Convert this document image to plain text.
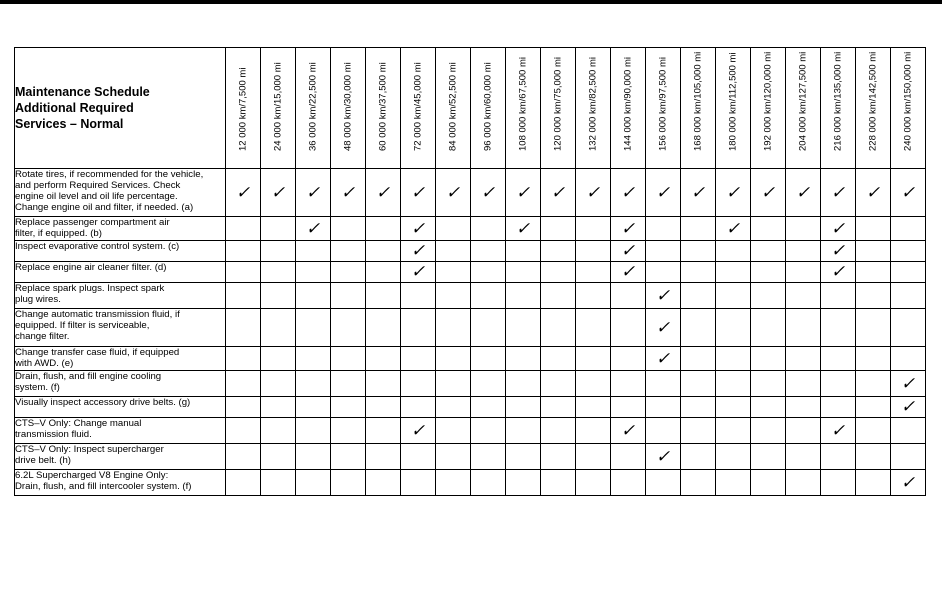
Maintenance Schedule
Additional Required
Services – Normal	12 000 km/7,500 mi	24 000 km/15,000 mi	36 000 km/22,500 mi	48 000 km/30,000 mi	60 000 km/37,500 mi	72 000 km/45,000 mi	84 000 km/52,500 mi	96 000 km/60,000 mi	108 000 km/67,500 mi	120 000 km/75,000 mi	132 000 km/82,500 mi	144 000 km/90,000 mi	156 000 km/97,500 mi	168 000 km/105,000 mi	180 000 km/112,500 mi	192 000 km/120,000 mi	204 000 km/127,500 mi	216 000 km/135,000 mi	228 000 km/142,500 mi	240 000 km/150,000 mi

Rotate tires, if recommended for the vehicle,
and perform Required Services. Check
engine oil level and oil life percentage.
Change engine oil and filter, if needed. (a)	✓	✓	✓	✓	✓	✓	✓	✓	✓	✓	✓	✓	✓	✓	✓	✓	✓	✓	✓	✓

Replace passenger compartment air
filter, if equipped. (b)			✓			✓			✓			✓			✓			✓		

Inspect evaporative control system. (c)						✓						✓						✓		

Replace engine air cleaner filter. (d)						✓						✓						✓		

Replace spark plugs. Inspect spark
plug wires.													✓							

Change automatic transmission fluid, if
equipped. If filter is serviceable,
change filter.													✓							

Change transfer case fluid, if equipped
with AWD. (e)													✓							

Drain, flush, and fill engine cooling
system. (f)																				✓

Visually inspect accessory drive belts. (g)																				✓

CTS–V Only: Change manual
transmission fluid.						✓						✓						✓		

CTS–V Only: Inspect supercharger
drive belt. (h)													✓							

6.2L Supercharged V8 Engine Only:
Drain, flush, and fill intercooler system. (f)																				✓
